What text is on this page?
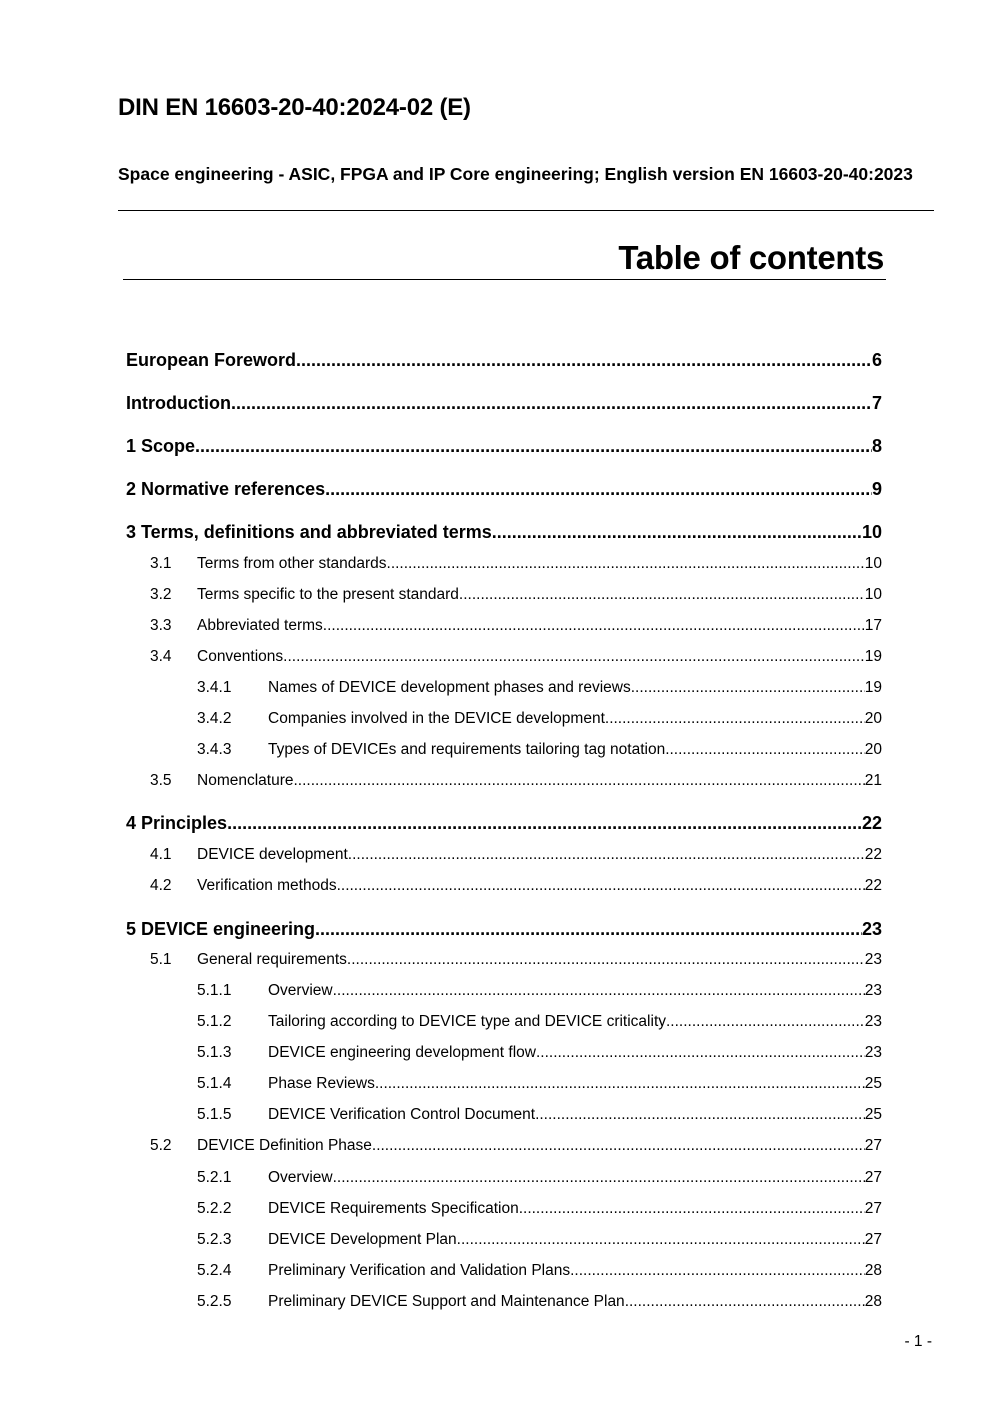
DIN EN 16603-20-40:2024-02 (E)
Space engineering - ASIC, FPGA and IP Core engineering; English version EN 16603-20-40:2023
Table of contents
European Foreword .....	6
Introduction .....	7
1 Scope .....	8
2 Normative references .....	9
3 Terms, definitions and abbreviated terms .....	10
3.1	Terms from other standards .....	10
3.2	Terms specific to the present standard .....	10
3.3	Abbreviated terms .....	17
3.4	Conventions .....	19
3.4.1	Names of DEVICE development phases and reviews .....	19
3.4.2	Companies involved in the DEVICE development .....	20
3.4.3	Types of DEVICEs and requirements tailoring tag notation .....	20
3.5	Nomenclature .....	21
4 Principles .....	22
4.1	DEVICE development .....	22
4.2	Verification methods .....	22
5 DEVICE engineering .....	23
5.1	General requirements .....	23
5.1.1	Overview .....	23
5.1.2	Tailoring according to DEVICE type and DEVICE criticality .....	23
5.1.3	DEVICE engineering development flow .....	23
5.1.4	Phase Reviews .....	25
5.1.5	DEVICE Verification Control Document .....	25
5.2	DEVICE Definition Phase .....	27
5.2.1	Overview .....	27
5.2.2	DEVICE Requirements Specification .....	27
5.2.3	DEVICE Development Plan .....	27
5.2.4	Preliminary Verification and Validation Plans .....	28
5.2.5	Preliminary DEVICE Support and Maintenance Plan .....	28
- 1 -
